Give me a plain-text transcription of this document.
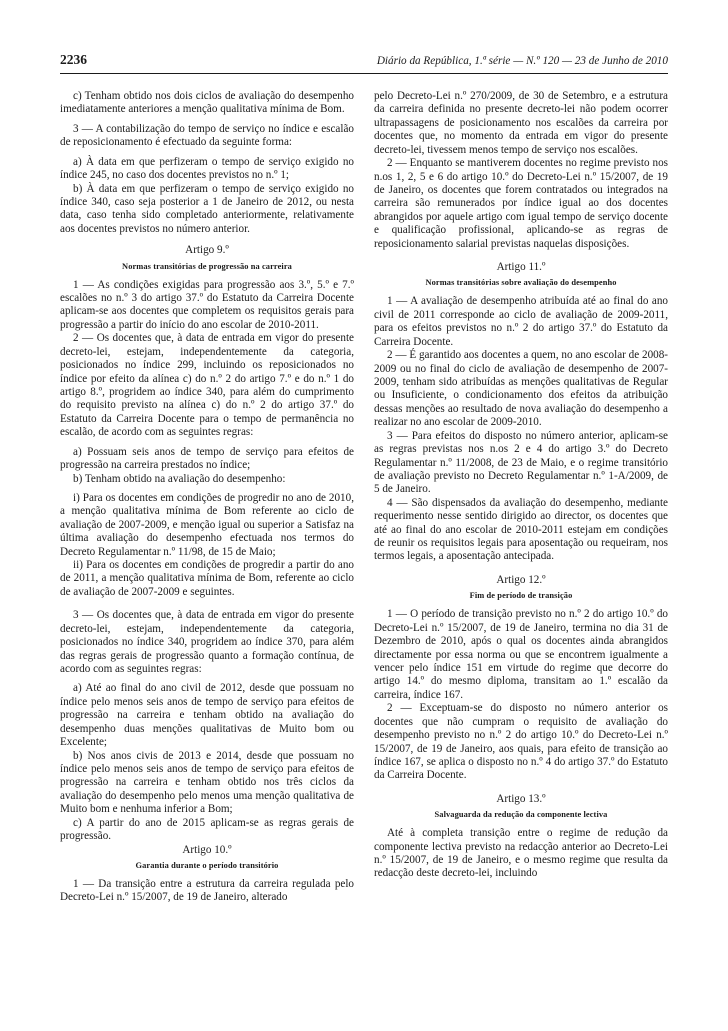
2236	Diário da República, 1.ª série — N.º 120 — 23 de Junho de 2010

c) Tenham obtido nos dois ciclos de avaliação do desempenho imediatamente anteriores a menção qualitativa mínima de Bom.

3 — A contabilização do tempo de serviço no índice e escalão de reposicionamento é efectuado da seguinte forma:

a) À data em que perfizeram o tempo de serviço exigido no índice 245, no caso dos docentes previstos no n.º 1;

b) À data em que perfizeram o tempo de serviço exigido no índice 340, caso seja posterior a 1 de Janeiro de 2012, ou nesta data, caso tenha sido completado anteriormente, relativamente aos docentes previstos no número anterior.

Artigo 9.º
Normas transitórias de progressão na carreira

1 — As condições exigidas para progressão aos 3.º, 5.º e 7.º escalões no n.º 3 do artigo 37.º do Estatuto da Carreira Docente aplicam-se aos docentes que completem os requisitos gerais para progressão a partir do início do ano escolar de 2010-2011.

2 — Os docentes que, à data de entrada em vigor do presente decreto-lei, estejam, independentemente da categoria, posicionados no índice 299, incluindo os reposicionados no índice por efeito da alínea c) do n.º 2 do artigo 7.º e do n.º 1 do artigo 8.º, progridem ao índice 340, para além do cumprimento do requisito previsto na alínea c) do n.º 2 do artigo 37.º do Estatuto da Carreira Docente para o tempo de permanência no escalão, de acordo com as seguintes regras:

a) Possuam seis anos de tempo de serviço para efeitos de progressão na carreira prestados no índice;

b) Tenham obtido na avaliação do desempenho:

i) Para os docentes em condições de progredir no ano de 2010, a menção qualitativa mínima de Bom referente ao ciclo de avaliação de 2007-2009, e menção igual ou superior a Satisfaz na última avaliação do desempenho efectuada nos termos do Decreto Regulamentar n.º 11/98, de 15 de Maio;

ii) Para os docentes em condições de progredir a partir do ano de 2011, a menção qualitativa mínima de Bom, referente ao ciclo de avaliação de 2007-2009 e seguintes.

3 — Os docentes que, à data de entrada em vigor do presente decreto-lei, estejam, independentemente da categoria, posicionados no índice 340, progridem ao índice 370, para além das regras gerais de progressão quanto a formação contínua, de acordo com as seguintes regras:

a) Até ao final do ano civil de 2012, desde que possuam no índice pelo menos seis anos de tempo de serviço para efeitos de progressão na carreira e tenham obtido na avaliação do desempenho duas menções qualitativas de Muito bom ou Excelente;

b) Nos anos civis de 2013 e 2014, desde que possuam no índice pelo menos seis anos de tempo de serviço para efeitos de progressão na carreira e tenham obtido nos três ciclos da avaliação do desempenho pelo menos uma menção qualitativa de Muito bom e nenhuma inferior a Bom;

c) A partir do ano de 2015 aplicam-se as regras gerais de progressão.

Artigo 10.º
Garantia durante o período transitório

1 — Da transição entre a estrutura da carreira regulada pelo Decreto-Lei n.º 15/2007, de 19 de Janeiro, alterado

pelo Decreto-Lei n.º 270/2009, de 30 de Setembro, e a estrutura da carreira definida no presente decreto-lei não podem ocorrer ultrapassagens de posicionamento nos escalões da carreira por docentes que, no momento da entrada em vigor do presente decreto-lei, tivessem menos tempo de serviço nos escalões.

2 — Enquanto se mantiverem docentes no regime previsto nos n.os 1, 2, 5 e 6 do artigo 10.º do Decreto-Lei n.º 15/2007, de 19 de Janeiro, os docentes que forem contratados ou integrados na carreira são remunerados por índice igual ao dos docentes abrangidos por aquele artigo com igual tempo de serviço docente e qualificação profissional, aplicando-se as regras de reposicionamento salarial previstas naquelas disposições.

Artigo 11.º
Normas transitórias sobre avaliação do desempenho

1 — A avaliação de desempenho atribuída até ao final do ano civil de 2011 corresponde ao ciclo de avaliação de 2009-2011, para os efeitos previstos no n.º 2 do artigo 37.º do Estatuto da Carreira Docente.

2 — É garantido aos docentes a quem, no ano escolar de 2008-2009 ou no final do ciclo de avaliação de desempenho de 2007-2009, tenham sido atribuídas as menções qualitativas de Regular ou Insuficiente, o condicionamento dos efeitos da atribuição dessas menções ao resultado de nova avaliação do desempenho a realizar no ano escolar de 2009-2010.

3 — Para efeitos do disposto no número anterior, aplicam-se as regras previstas nos n.os 2 e 4 do artigo 3.º do Decreto Regulamentar n.º 11/2008, de 23 de Maio, e o regime transitório de avaliação previsto no Decreto Regulamentar n.º 1-A/2009, de 5 de Janeiro.

4 — São dispensados da avaliação do desempenho, mediante requerimento nesse sentido dirigido ao director, os docentes que até ao final do ano escolar de 2010-2011 estejam em condições de reunir os requisitos legais para aposentação ou requeiram, nos termos legais, a aposentação antecipada.

Artigo 12.º
Fim de período de transição

1 — O período de transição previsto no n.º 2 do artigo 10.º do Decreto-Lei n.º 15/2007, de 19 de Janeiro, termina no dia 31 de Dezembro de 2010, após o qual os docentes ainda abrangidos directamente por essa norma ou que se encontrem igualmente a vencer pelo índice 151 em virtude do regime que decorre do artigo 14.º do mesmo diploma, transitam ao 1.º escalão da carreira, índice 167.

2 — Exceptuam-se do disposto no número anterior os docentes que não cumpram o requisito de avaliação do desempenho previsto no n.º 2 do artigo 10.º do Decreto-Lei n.º 15/2007, de 19 de Janeiro, aos quais, para efeito de transição ao índice 167, se aplica o disposto no n.º 4 do artigo 37.º do Estatuto da Carreira Docente.

Artigo 13.º
Salvaguarda da redução da componente lectiva

Até à completa transição entre o regime de redução da componente lectiva previsto na redacção anterior ao Decreto-Lei n.º 15/2007, de 19 de Janeiro, e o mesmo regime que resulta da redacção deste decreto-lei, incluindo
